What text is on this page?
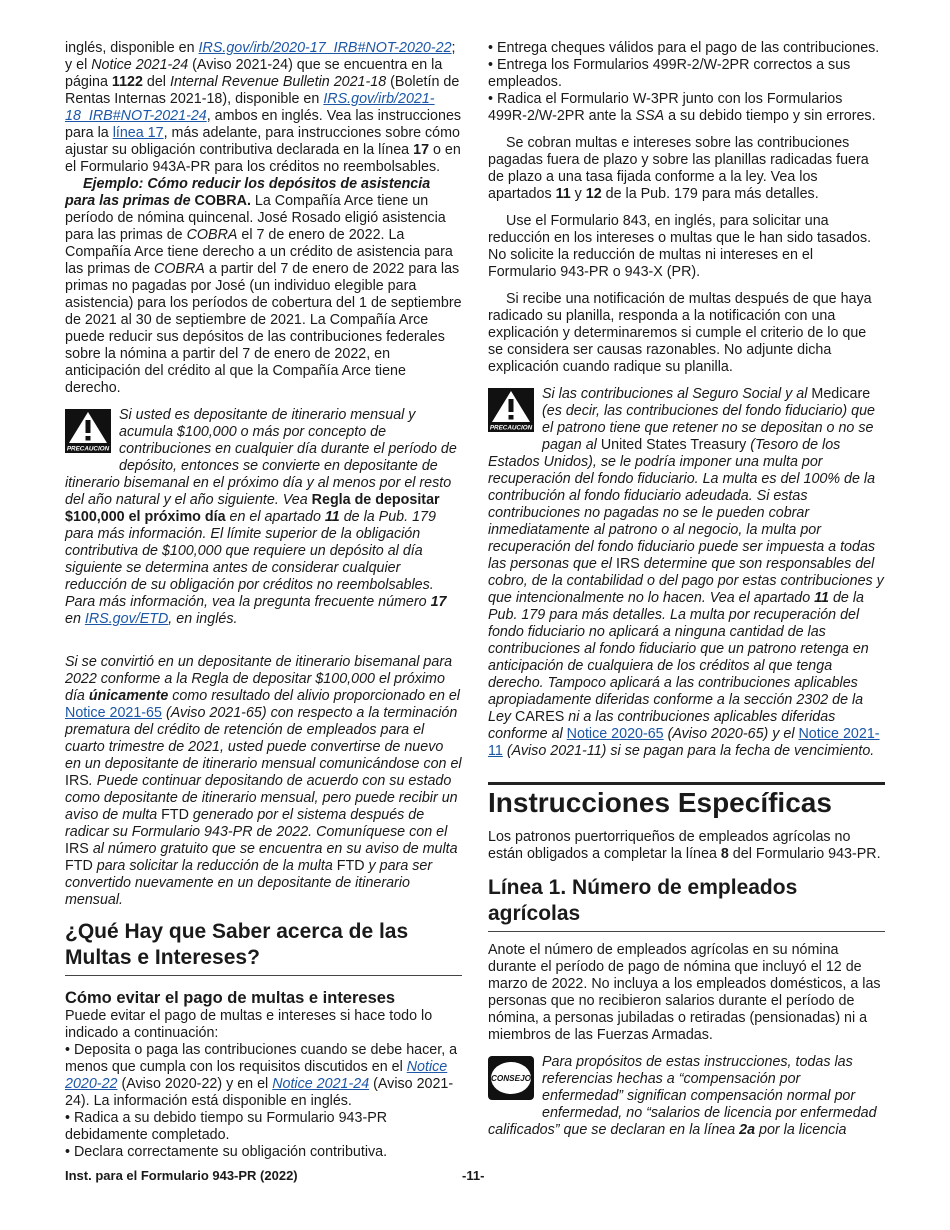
inglés, disponible en IRS.gov/irb/2020-17_IRB#NOT-2020-22; y el Notice 2021-24 (Aviso 2021-24) que se encuentra en la página 1122 del Internal Revenue Bulletin 2021-18 (Boletín de Rentas Internas 2021-18), disponible en IRS.gov/irb/2021-18_IRB#NOT-2021-24, ambos en inglés. Vea las instrucciones para la línea 17, más adelante, para instrucciones sobre cómo ajustar su obligación contributiva declarada en la línea 17 o en el Formulario 943A-PR para los créditos no reembolsables.

Ejemplo: Cómo reducir los depósitos de asistencia para las primas de COBRA. La Compañía Arce tiene un período de nómina quincenal. José Rosado eligió asistencia para las primas de COBRA el 7 de enero de 2022. La Compañía Arce tiene derecho a un crédito de asistencia para las primas de COBRA a partir del 7 de enero de 2022 para las primas no pagadas por José (un individuo elegible para asistencia) para los períodos de cobertura del 1 de septiembre de 2021 al 30 de septiembre de 2021. La Compañía Arce puede reducir sus depósitos de las contribuciones federales sobre la nómina a partir del 7 de enero de 2022, en anticipación del crédito al que la Compañía Arce tiene derecho.

PRECAUCION
Si usted es depositante de itinerario mensual y acumula $100,000 o más por concepto de contribuciones en cualquier día durante el período de depósito, entonces se convierte en depositante de itinerario bisemanal en el próximo día y al menos por el resto del año natural y el año siguiente. Vea Regla de depositar $100,000 el próximo día en el apartado 11 de la Pub. 179 para más información. El límite superior de la obligación contributiva de $100,000 que requiere un depósito al día siguiente se determina antes de considerar cualquier reducción de su obligación por créditos no reembolsables. Para más información, vea la pregunta frecuente número 17 en IRS.gov/ETD, en inglés.

Si se convirtió en un depositante de itinerario bisemanal para 2022 conforme a la Regla de depositar $100,000 el próximo día únicamente como resultado del alivio proporcionado en el Notice 2021-65 (Aviso 2021-65) con respecto a la terminación prematura del crédito de retención de empleados para el cuarto trimestre de 2021, usted puede convertirse de nuevo en un depositante de itinerario mensual comunicándose con el IRS. Puede continuar depositando de acuerdo con su estado como depositante de itinerario mensual, pero puede recibir un aviso de multa FTD generado por el sistema después de radicar su Formulario 943-PR de 2022. Comuníquese con el IRS al número gratuito que se encuentra en su aviso de multa FTD para solicitar la reducción de la multa FTD y para ser convertido nuevamente en un depositante de itinerario mensual.

¿Qué Hay que Saber acerca de las Multas e Intereses?
Cómo evitar el pago de multas e intereses

Puede evitar el pago de multas e intereses si hace todo lo indicado a continuación:

• Deposita o paga las contribuciones cuando se debe hacer, a menos que cumpla con los requisitos discutidos en el Notice 2020-22 (Aviso 2020-22) y en el Notice 2021-24 (Aviso 2021-24). La información está disponible en inglés.

• Radica a su debido tiempo su Formulario 943-PR debidamente completado.

• Declara correctamente su obligación contributiva.

• Entrega cheques válidos para el pago de las contribuciones.

• Entrega los Formularios 499R-2/W-2PR correctos a sus empleados.

• Radica el Formulario W-3PR junto con los Formularios 499R-2/W-2PR ante la SSA a su debido tiempo y sin errores.

Se cobran multas e intereses sobre las contribuciones pagadas fuera de plazo y sobre las planillas radicadas fuera de plazo a una tasa fijada conforme a la ley. Vea los apartados 11 y 12 de la Pub. 179 para más detalles.

Use el Formulario 843, en inglés, para solicitar una reducción en los intereses o multas que le han sido tasados. No solicite la reducción de multas ni intereses en el Formulario 943-PR o 943-X (PR).

Si recibe una notificación de multas después de que haya radicado su planilla, responda a la notificación con una explicación y determinaremos si cumple el criterio de lo que se considera ser causas razonables. No adjunte dicha explicación cuando radique su planilla.

PRECAUCION
Si las contribuciones al Seguro Social y al Medicare (es decir, las contribuciones del fondo fiduciario) que el patrono tiene que retener no se depositan o no se pagan al United States Treasury (Tesoro de los Estados Unidos), se le podría imponer una multa por recuperación del fondo fiduciario. La multa es del 100% de la contribución al fondo fiduciario adeudada. Si estas contribuciones no pagadas no se le pueden cobrar inmediatamente al patrono o al negocio, la multa por recuperación del fondo fiduciario puede ser impuesta a todas las personas que el IRS determine que son responsables del cobro, de la contabilidad o del pago por estas contribuciones y que intencionalmente no lo hacen. Vea el apartado 11 de la Pub. 179 para más detalles. La multa por recuperación del fondo fiduciario no aplicará a ninguna cantidad de las contribuciones al fondo fiduciario que un patrono retenga en anticipación de cualquiera de los créditos al que tenga derecho. Tampoco aplicará a las contribuciones aplicables apropiadamente diferidas conforme a la sección 2302 de la Ley CARES ni a las contribuciones aplicables diferidas conforme al Notice 2020-65 (Aviso 2020-65) y el Notice 2021-11 (Aviso 2021-11) si se pagan para la fecha de vencimiento.
Instrucciones Específicas

Los patronos puertorriqueños de empleados agrícolas no están obligados a completar la línea 8 del Formulario 943-PR.

Línea 1. Número de empleados agrícolas

Anote el número de empleados agrícolas en su nómina durante el período de pago de nómina que incluyó el 12 de marzo de 2022. No incluya a los empleados domésticos, a las personas que no recibieron salarios durante el período de nómina, a personas jubiladas o retiradas (pensionadas) ni a miembros de las Fuerzas Armadas.

CONSEJO
Para propósitos de estas instrucciones, todas las referencias hechas a “compensación por enfermedad” significan compensación normal por enfermedad, no “salarios de licencia por enfermedad calificados” que se declaran en la línea 2a por la licencia
Inst. para el Formulario 943-PR (2022)	-11-
